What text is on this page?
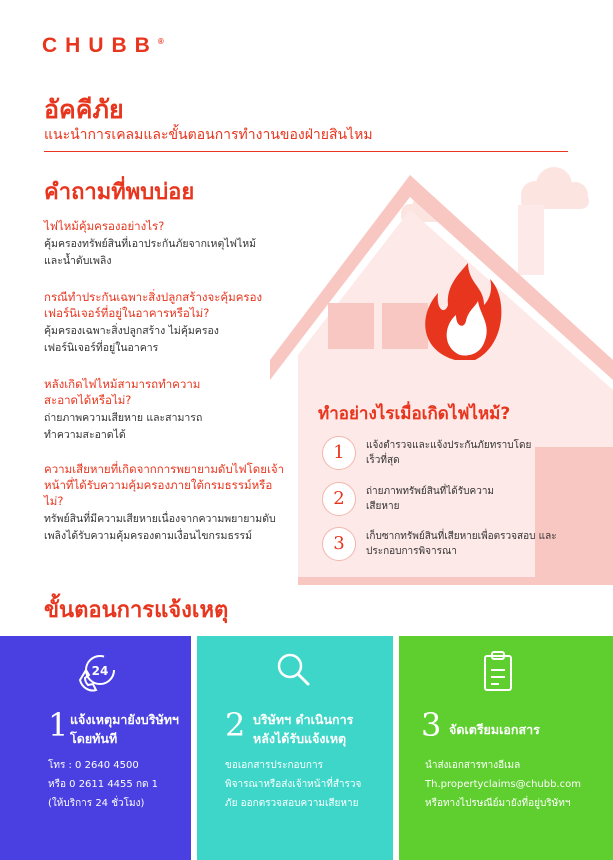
CHUBB®
อัคคีภัย
แนะนำการเคลมและขั้นตอนการทำงานของฝ่ายสินไหม
คำถามที่พบบ่อย
ไฟไหม้คุ้มครองอย่างไร?
คุ้มครองทรัพย์สินที่เอาประกันภัยจากเหตุไฟไหม้ และน้ำดับเพลิง
กรณีทำประกันเฉพาะสิ่งปลูกสร้างจะคุ้มครองเฟอร์นิเจอร์ที่อยู่ในอาคารหรือไม่?
คุ้มครองเฉพาะสิ่งปลูกสร้าง ไม่คุ้มครองเฟอร์นิเจอร์ที่อยู่ในอาคาร
หลังเกิดไฟไหม้สามารถทำความสะอาดได้หรือไม่?
ถ่ายภาพความเสียหาย และสามารถทำความสะอาดได้
ความเสียหายที่เกิดจากการพยายามดับไฟโดยเจ้าหน้าที่ได้รับความคุ้มครองภายใต้กรมธรรม์หรือไม่?
ทรัพย์สินที่มีความเสียหายเนื่องจากความพยายามดับเพลิงได้รับความคุ้มครองตามเงื่อนไขกรมธรรม์
ทำอย่างไรเมื่อเกิดไฟไหม้?
1	แจ้งตำรวจและแจ้งประกันภัยทราบโดยเร็วที่สุด
2	ถ่ายภาพทรัพย์สินที่ได้รับความเสียหาย
3	เก็บซากทรัพย์สินที่เสียหายเพื่อตรวจสอบ และประกอบการพิจารณา
ขั้นตอนการแจ้งเหตุ
24
1 แจ้งเหตุมายังบริษัทฯ โดยทันที
โทร : 0 2640 4500
หรือ 0 2611 4455 กด 1
(ให้บริการ 24 ชั่วโมง)
2 บริษัทฯ ดำเนินการหลังได้รับแจ้งเหตุ
ขอเอกสารประกอบการ
พิจารณาหรือส่งเจ้าหน้าที่สำรวจ
ภัย ออกตรวจสอบความเสียหาย
3 จัดเตรียมเอกสาร
นำส่งเอกสารทางอีเมล
Th.propertyclaims@chubb.com
หรือทางไปรษณีย์มายังที่อยู่บริษัทฯ
